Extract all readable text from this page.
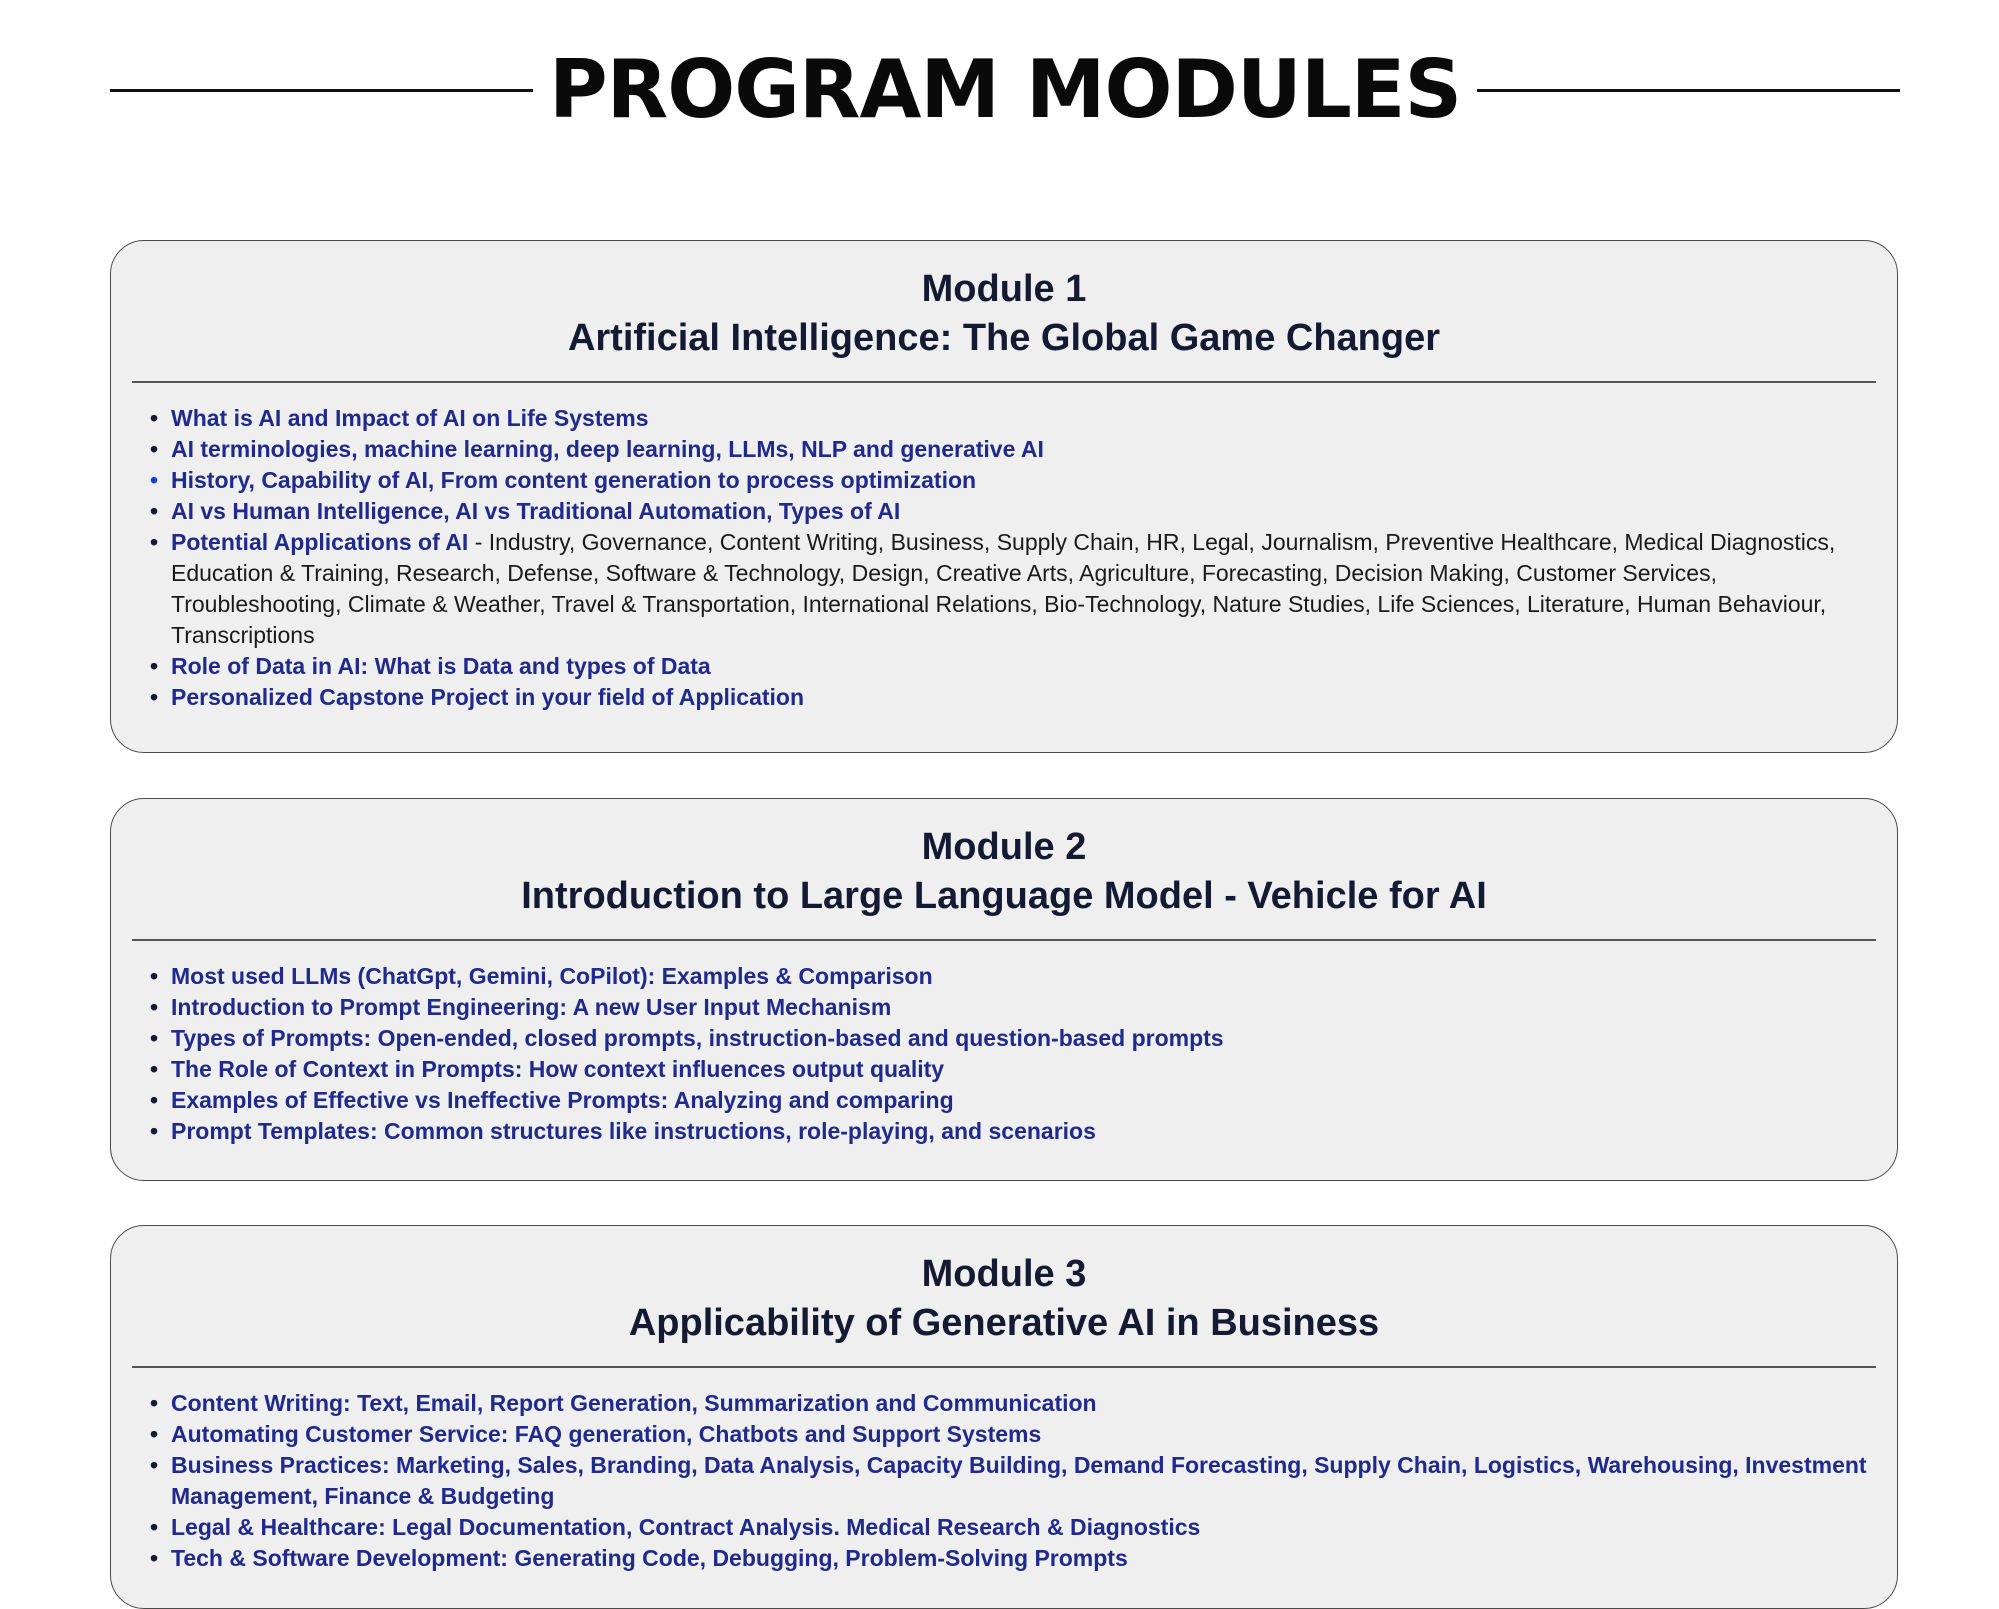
PROGRAM MODULES
Module 1
Artificial Intelligence: The Global Game Changer
• What is AI and Impact of AI on Life Systems
• AI terminologies, machine learning, deep learning, LLMs, NLP and generative AI
• History, Capability of AI, From content generation to process optimization
• AI vs Human Intelligence, AI vs Traditional Automation, Types of AI
• Potential Applications of AI - Industry, Governance, Content Writing, Business, Supply Chain, HR, Legal, Journalism, Preventive Healthcare, Medical Diagnostics, Education & Training, Research, Defense, Software & Technology, Design, Creative Arts, Agriculture, Forecasting, Decision Making, Customer Services, Troubleshooting, Climate & Weather, Travel & Transportation, International Relations, Bio-Technology, Nature Studies, Life Sciences, Literature, Human Behaviour, Transcriptions
• Role of Data in AI: What is Data and types of Data
• Personalized Capstone Project in your field of Application
Module 2
Introduction to Large Language Model - Vehicle for AI
• Most used LLMs (ChatGpt, Gemini, CoPilot): Examples & Comparison
• Introduction to Prompt Engineering: A new User Input Mechanism
• Types of Prompts: Open-ended, closed prompts, instruction-based and question-based prompts
• The Role of Context in Prompts: How context influences output quality
• Examples of Effective vs Ineffective Prompts: Analyzing and comparing
• Prompt Templates: Common structures like instructions, role-playing, and scenarios
Module 3
Applicability of Generative AI in Business
• Content Writing: Text, Email, Report Generation, Summarization and Communication
• Automating Customer Service: FAQ generation, Chatbots and Support Systems
• Business Practices: Marketing, Sales, Branding, Data Analysis, Capacity Building, Demand Forecasting, Supply Chain, Logistics, Warehousing, Investment Management, Finance & Budgeting
• Legal & Healthcare: Legal Documentation, Contract Analysis. Medical Research & Diagnostics
• Tech & Software Development: Generating Code, Debugging, Problem-Solving Prompts
